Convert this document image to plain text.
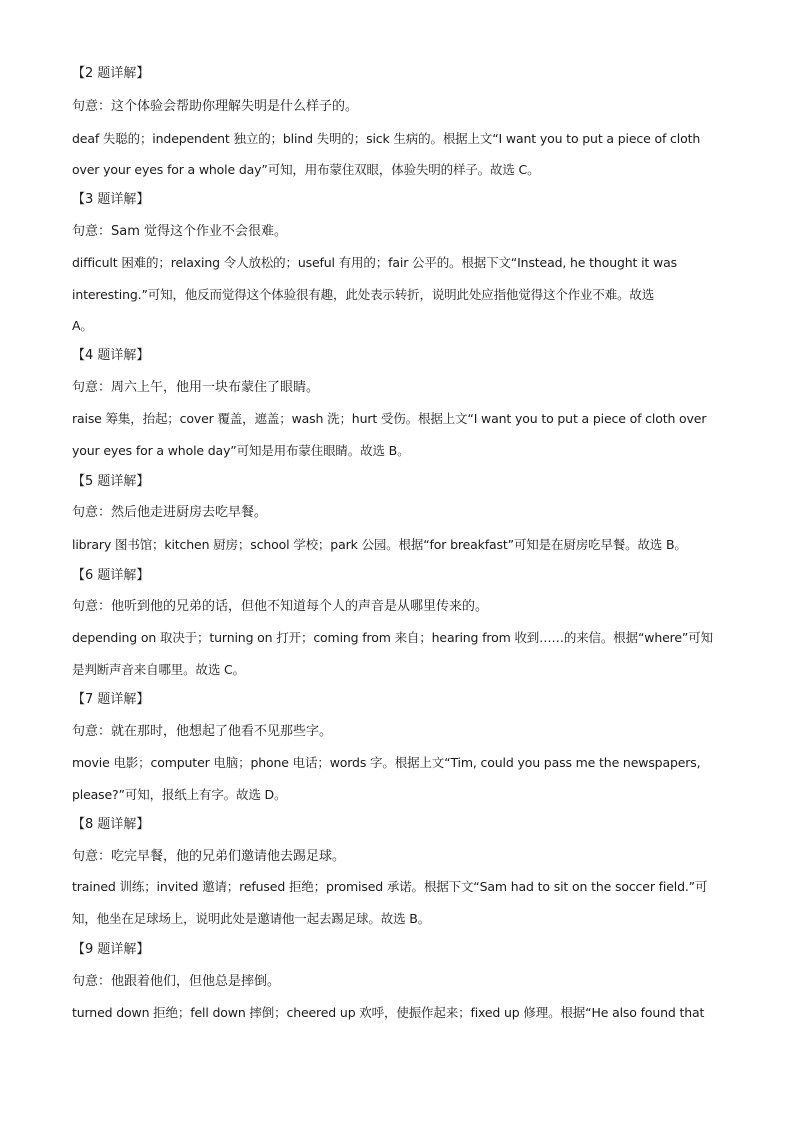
【2 题详解】
句意：这个体验会帮助你理解失明是什么样子的。
deaf 失聪的；independent 独立的；blind 失明的；sick 生病的。根据上文“I want you to put a piece of cloth
over your eyes for a whole day”可知，用布蒙住双眼，体验失明的样子。故选 C。
【3 题详解】
句意：Sam 觉得这个作业不会很难。
difficult 困难的；relaxing 令人放松的；useful 有用的；fair 公平的。根据下文“Instead, he thought it was
interesting.”可知，他反而觉得这个体验很有趣，此处表示转折，说明此处应指他觉得这个作业不难。故选
A。
【4 题详解】
句意：周六上午，他用一块布蒙住了眼睛。
raise 筹集，抬起；cover 覆盖，遮盖；wash 洗；hurt 受伤。根据上文“I want you to put a piece of cloth over
your eyes for a whole day”可知是用布蒙住眼睛。故选 B。
【5 题详解】
句意：然后他走进厨房去吃早餐。
library 图书馆；kitchen 厨房；school 学校；park 公园。根据“for breakfast”可知是在厨房吃早餐。故选 B。
【6 题详解】
句意：他听到他的兄弟的话，但他不知道每个人的声音是从哪里传来的。
depending on 取决于；turning on 打开；coming from 来自；hearing from 收到……的来信。根据“where”可知
是判断声音来自哪里。故选 C。
【7 题详解】
句意：就在那时，他想起了他看不见那些字。
movie 电影；computer 电脑；phone 电话；words 字。根据上文“Tim, could you pass me the newspapers,
please?”可知，报纸上有字。故选 D。
【8 题详解】
句意：吃完早餐，他的兄弟们邀请他去踢足球。
trained 训练；invited 邀请；refused 拒绝；promised 承诺。根据下文“Sam had to sit on the soccer field.”可
知，他坐在足球场上，说明此处是邀请他一起去踢足球。故选 B。
【9 题详解】
句意：他跟着他们，但他总是摔倒。
turned down 拒绝；fell down 摔倒；cheered up 欢呼，使振作起来；fixed up 修理。根据“He also found that
